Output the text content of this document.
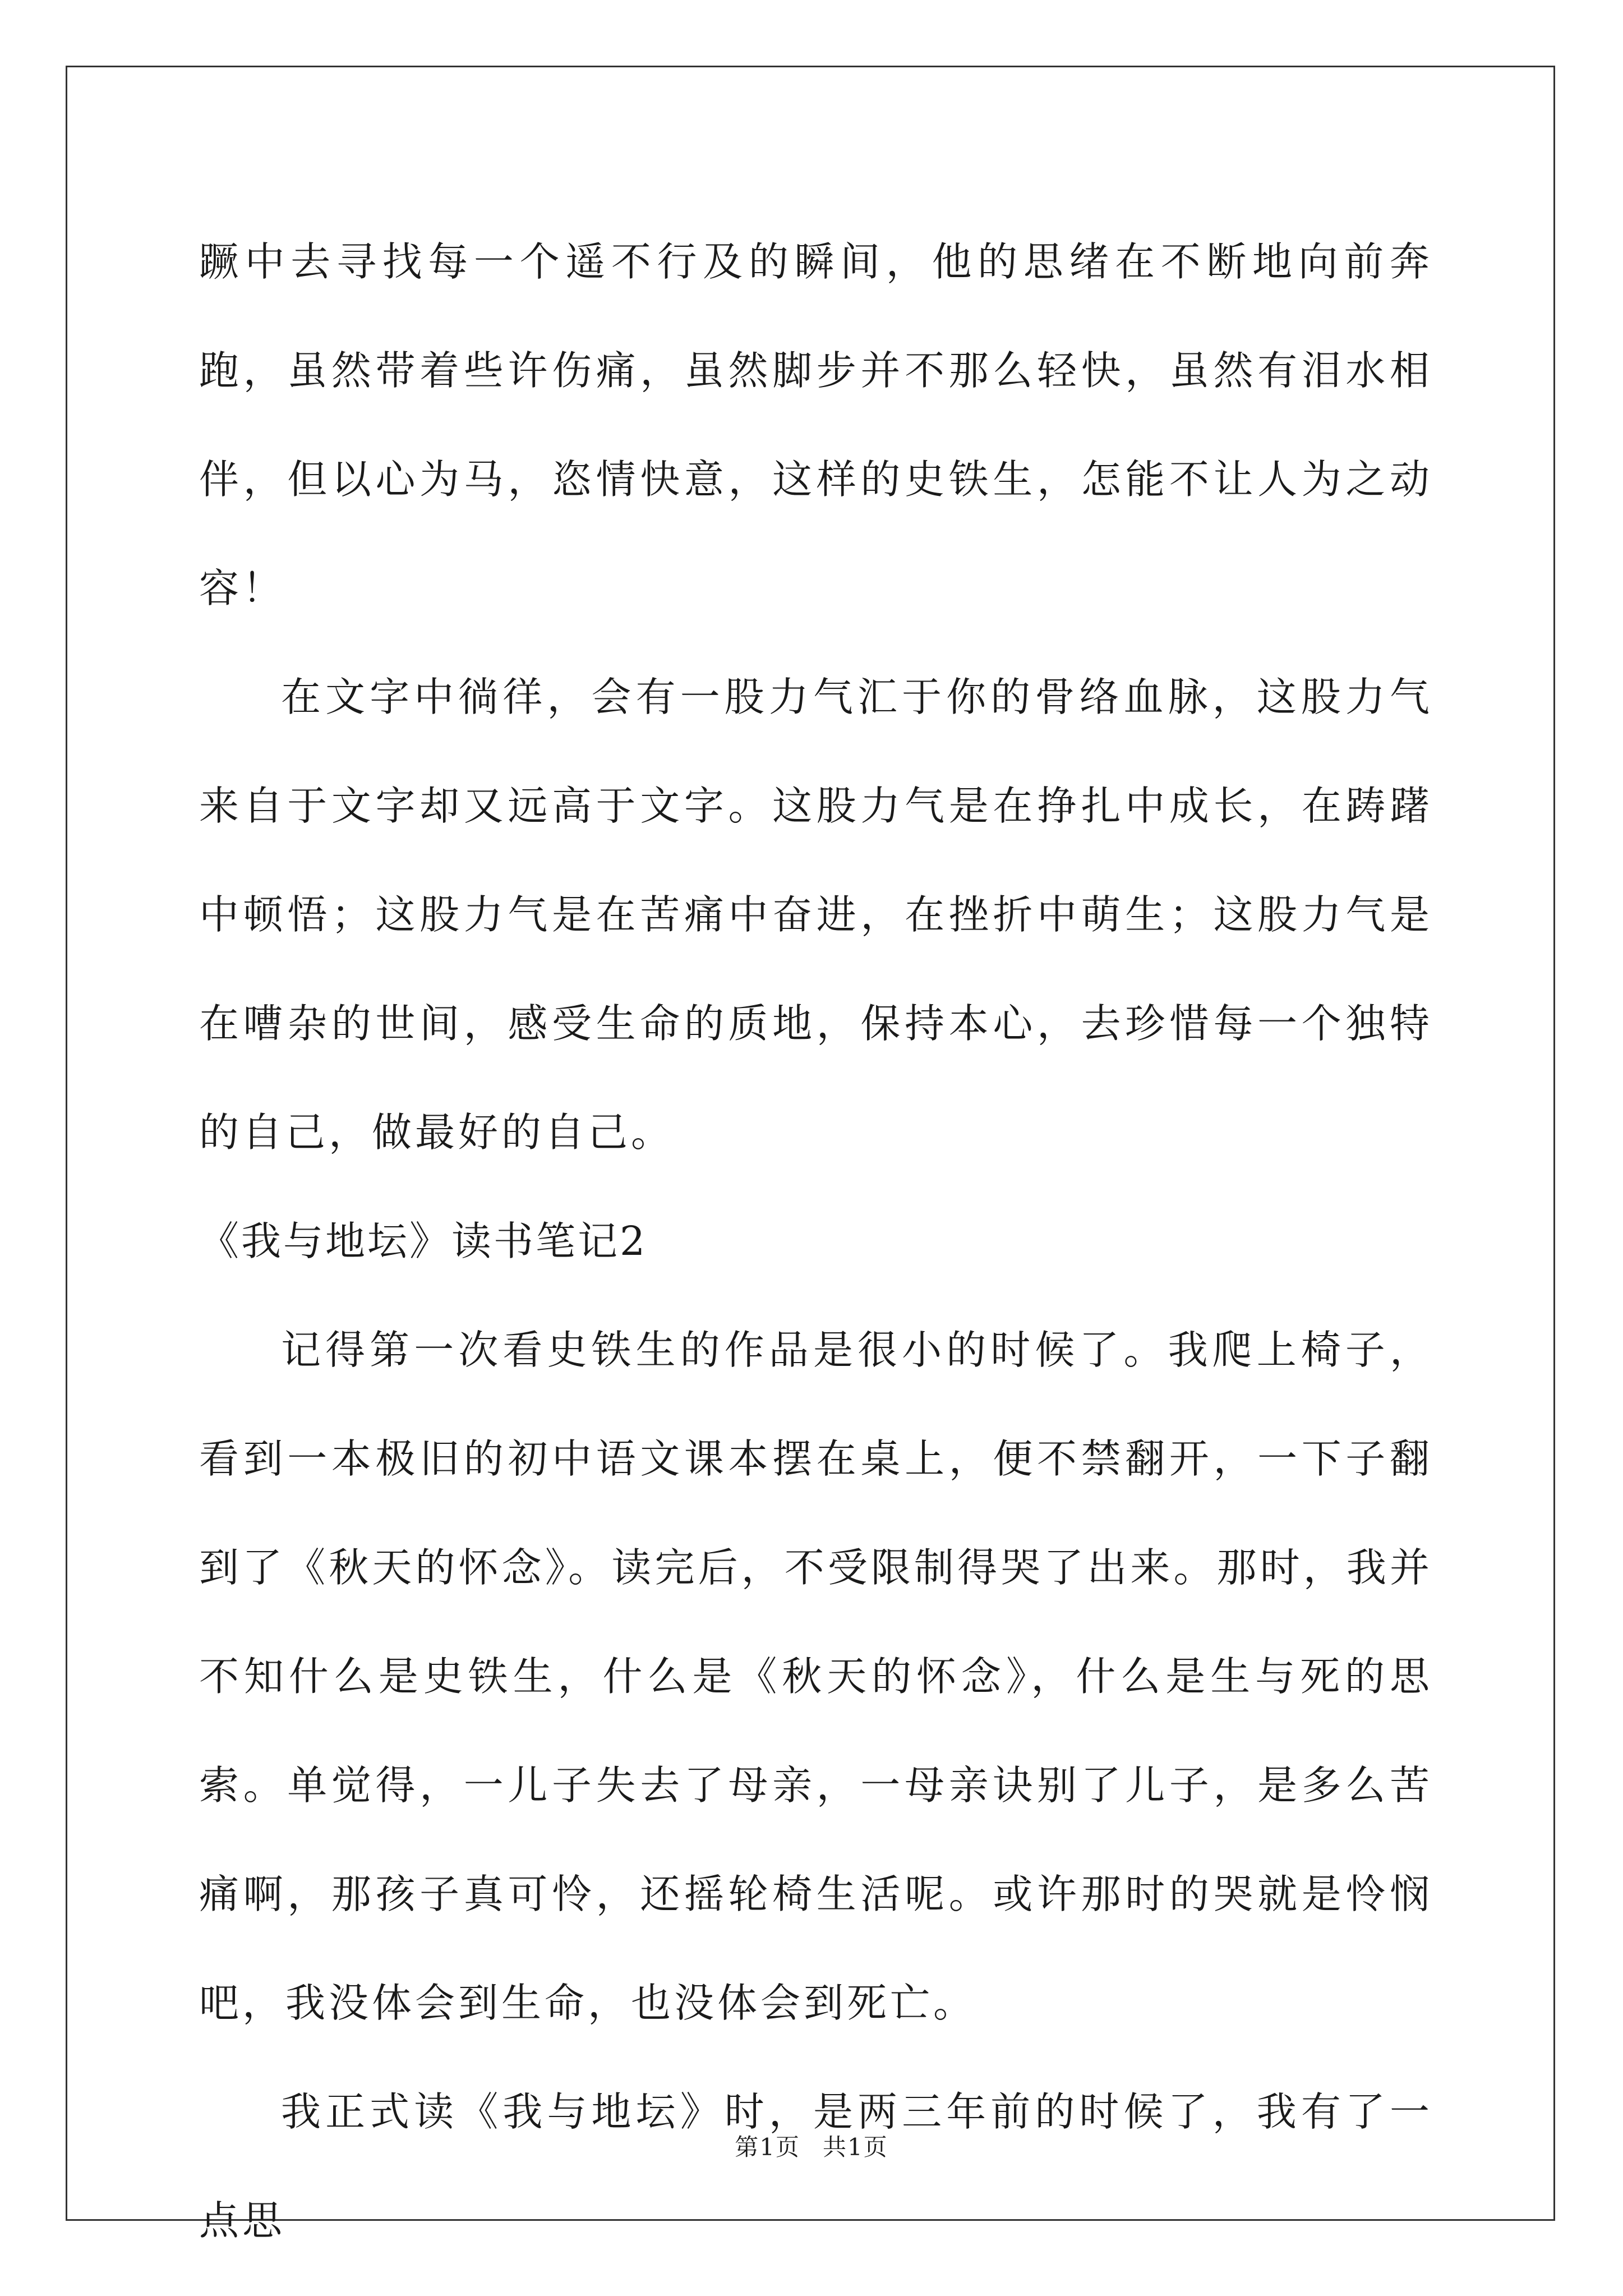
蹶中去寻找每一个遥不行及的瞬间，他的思绪在不断地向前奔跑，虽然带着些许伤痛，虽然脚步并不那么轻快，虽然有泪水相伴，但以心为马，恣情快意，这样的史铁生，怎能不让人为之动容！

在文字中徜徉，会有一股力气汇于你的骨络血脉，这股力气来自于文字却又远高于文字。这股力气是在挣扎中成长，在踌躇中顿悟；这股力气是在苦痛中奋进，在挫折中萌生；这股力气是在嘈杂的世间，感受生命的质地，保持本心，去珍惜每一个独特的自己，做最好的自己。

《我与地坛》读书笔记2

记得第一次看史铁生的作品是很小的时候了。我爬上椅子，看到一本极旧的初中语文课本摆在桌上，便不禁翻开，一下子翻到了《秋天的怀念》。读完后，不受限制得哭了出来。那时，我并不知什么是史铁生，什么是《秋天的怀念》，什么是生与死的思索。单觉得，一儿子失去了母亲，一母亲诀别了儿子，是多么苦痛啊，那孩子真可怜，还摇轮椅生活呢。或许那时的哭就是怜悯吧，我没体会到生命，也没体会到死亡。

我正式读《我与地坛》时，是两三年前的时候了，我有了一点思

第1页 共1页
